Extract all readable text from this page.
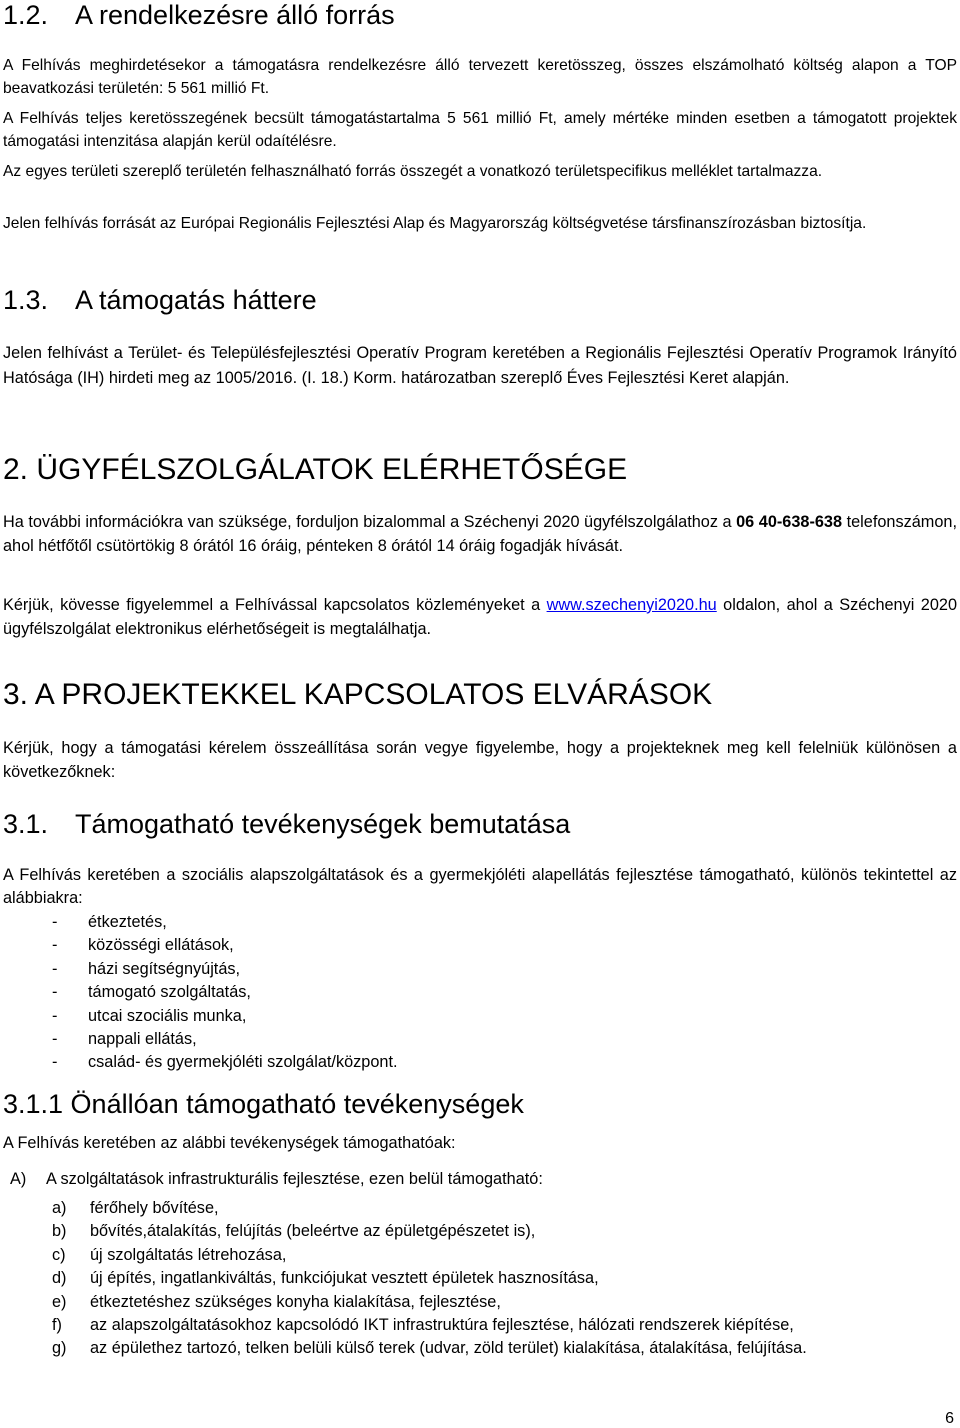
1.2. A rendelkezésre álló forrás

A Felhívás meghirdetésekor a támogatásra rendelkezésre álló tervezett keretösszeg, összes elszámolható költség alapon a TOP beavatkozási területén: 5 561 millió Ft.

A Felhívás teljes keretösszegének becsült támogatástartalma 5 561 millió Ft, amely mértéke minden esetben a támogatott projektek támogatási intenzitása alapján kerül odaítélésre.

Az egyes területi szereplő területén felhasználható forrás összegét a vonatkozó területspecifikus melléklet tartalmazza.

Jelen felhívás forrását az Európai Regionális Fejlesztési Alap és Magyarország költségvetése társfinanszírozásban biztosítja.

1.3. A támogatás háttere

Jelen felhívást a Terület- és Településfejlesztési Operatív Program keretében a Regionális Fejlesztési Operatív Programok Irányító Hatósága (IH) hirdeti meg az 1005/2016. (I. 18.) Korm. határozatban szereplő Éves Fejlesztési Keret alapján.

2. ÜGYFÉLSZOLGÁLATOK ELÉRHETŐSÉGE

Ha további információkra van szüksége, forduljon bizalommal a Széchenyi 2020 ügyfélszolgálathoz a 06 40-638-638 telefonszámon, ahol hétfőtől csütörtökig 8 órától 16 óráig, pénteken 8 órától 14 óráig fogadják hívását.

Kérjük, kövesse figyelemmel a Felhívással kapcsolatos közleményeket a www.szechenyi2020.hu oldalon, ahol a Széchenyi 2020 ügyfélszolgálat elektronikus elérhetőségeit is megtalálhatja.

3. A PROJEKTEKKEL KAPCSOLATOS ELVÁRÁSOK

Kérjük, hogy a támogatási kérelem összeállítása során vegye figyelembe, hogy a projekteknek meg kell felelniük különösen a következőknek:

3.1. Támogatható tevékenységek bemutatása

A Felhívás keretében a szociális alapszolgáltatások és a gyermekjóléti alapellátás fejlesztése támogatható, különös tekintettel az alábbiakra:

- étkeztetés,
- közösségi ellátások,
- házi segítségnyújtás,
- támogató szolgáltatás,
- utcai szociális munka,
- nappali ellátás,
- család- és gyermekjóléti szolgálat/központ.
3.1.1 Önállóan támogatható tevékenységek

A Felhívás keretében az alábbi tevékenységek támogathatóak:

A) A szolgáltatások infrastrukturális fejlesztése, ezen belül támogatható:
a) férőhely bővítése,
b) bővítés,átalakítás, felújítás (beleértve az épületgépészetet is),
c) új szolgáltatás létrehozása,
d) új építés, ingatlankiváltás, funkciójukat vesztett épületek hasznosítása,
e) étkeztetéshez szükséges konyha kialakítása, fejlesztése,
f) az alapszolgáltatásokhoz kapcsolódó IKT infrastruktúra fejlesztése, hálózati rendszerek kiépítése,
g) az épülethez tartozó, telken belüli külső terek (udvar, zöld terület) kialakítása, átalakítása, felújítása.
6
